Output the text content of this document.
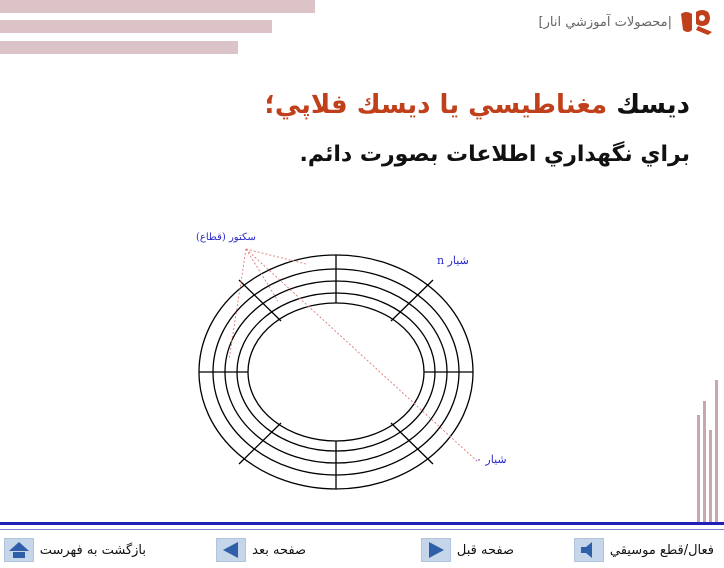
|محصولات آموزشي انار]
ديسك مغناطيسي يا ديسك فلاپي؛
براي نگهداري اطلاعات بصورت دائم.
سكتور (قطاع)
شيار n
شيار ۰
فعال/قطع موسيقي
صفحه قبل
صفحه بعد
بازگشت به فهرست
